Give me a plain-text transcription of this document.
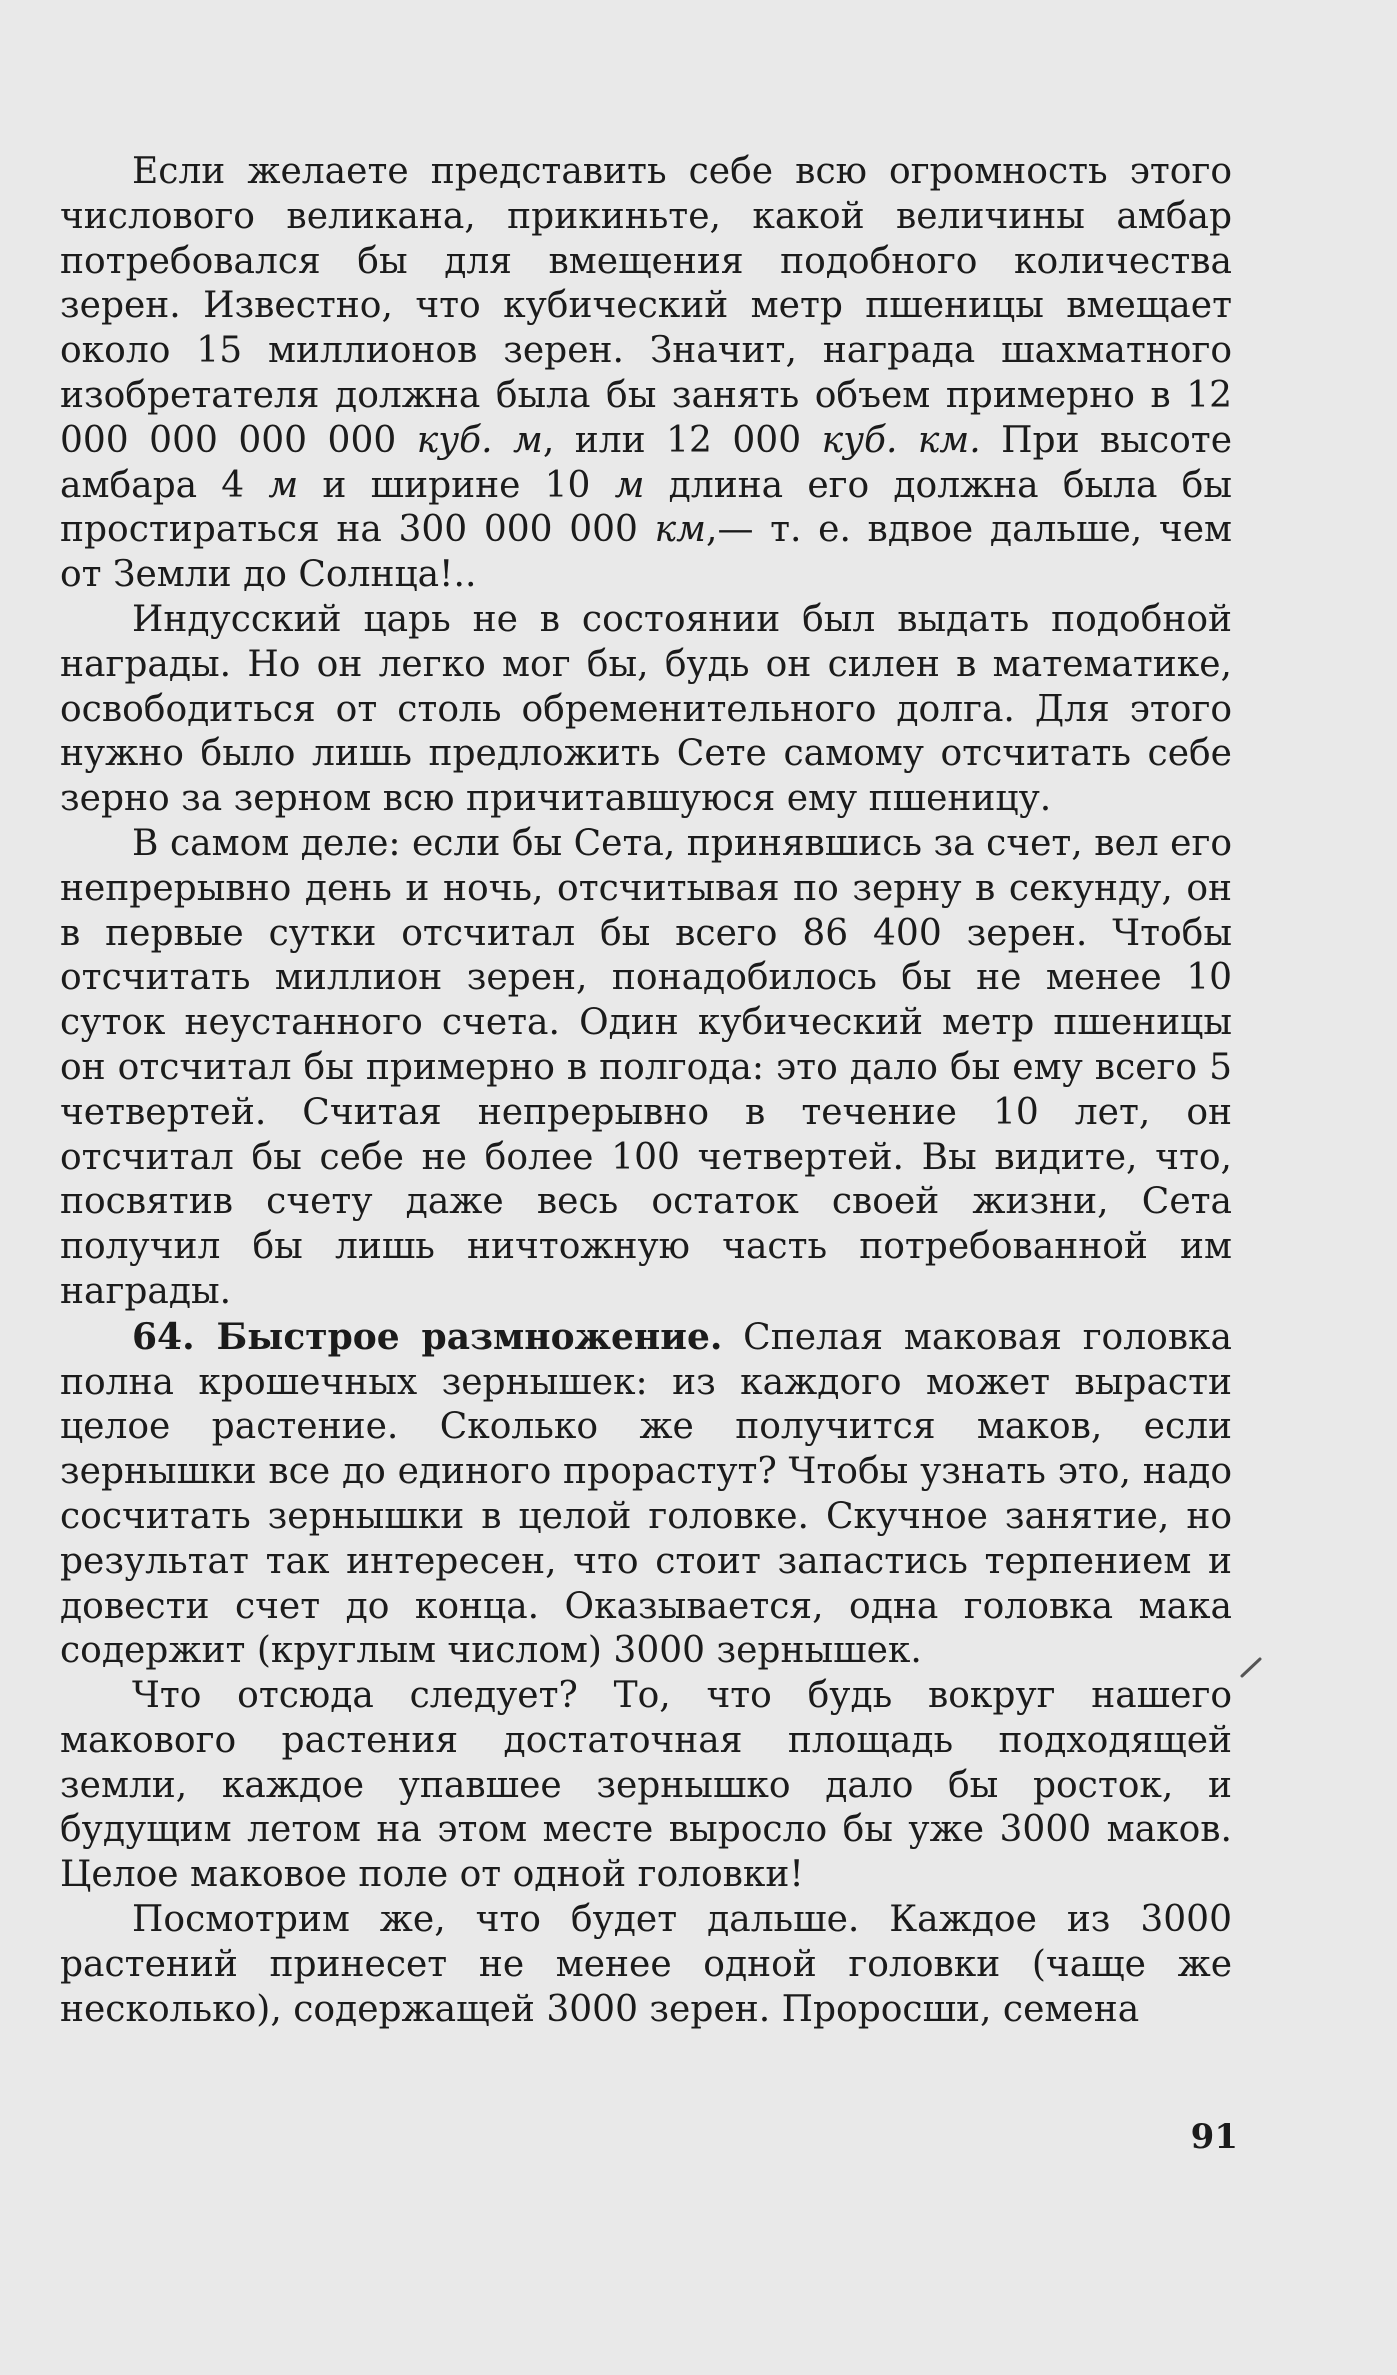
Если желаете представить себе всю огромность этого числового великана, прикиньте, какой величины амбар потребовался бы для вмещения подобного количества зерен. Известно, что кубический метр пшеницы вмещает около 15 миллионов зерен. Значит, награда шахматного изобретателя должна была бы занять объем примерно в 12 000 000 000 000 куб. м, или 12 000 куб. км. При высоте амбара 4 м и ширине 10 м длина его должна была бы простираться на 300 000 000 км,— т. е. вдвое дальше, чем от Земли до Солнца!..

Индусский царь не в состоянии был выдать подобной награды. Но он легко мог бы, будь он силен в математике, освободиться от столь обременительного долга. Для этого нужно было лишь предложить Сете самому отсчитать себе зерно за зерном всю причитавшуюся ему пшеницу.

В самом деле: если бы Сета, принявшись за счет, вел его непрерывно день и ночь, отсчитывая по зерну в секунду, он в первые сутки отсчитал бы всего 86 400 зерен. Чтобы отсчитать миллион зерен, понадобилось бы не менее 10 суток неустанного счета. Один кубический метр пшеницы он отсчитал бы примерно в полгода: это дало бы ему всего 5 четвертей. Считая непрерывно в течение 10 лет, он отсчитал бы себе не более 100 четвертей. Вы видите, что, посвятив счету даже весь остаток своей жизни, Сета получил бы лишь ничтожную часть потребованной им награды.

64. Быстрое размножение. Спелая маковая головка полна крошечных зернышек: из каждого может вырасти целое растение. Сколько же получится маков, если зернышки все до единого прорастут? Чтобы узнать это, надо сосчитать зернышки в целой головке. Скучное занятие, но результат так интересен, что стоит запастись терпением и довести счет до конца. Оказывается, одна головка мака содержит (круглым числом) 3000 зернышек.

Что отсюда следует? То, что будь вокруг нашего макового растения достаточная площадь подходящей земли, каждое упавшее зернышко дало бы росток, и будущим летом на этом месте выросло бы уже 3000 маков. Целое маковое поле от одной головки!

Посмотрим же, что будет дальше. Каждое из 3000 растений принесет не менее одной головки (чаще же несколько), содержащей 3000 зерен. Проросши, семена

91
